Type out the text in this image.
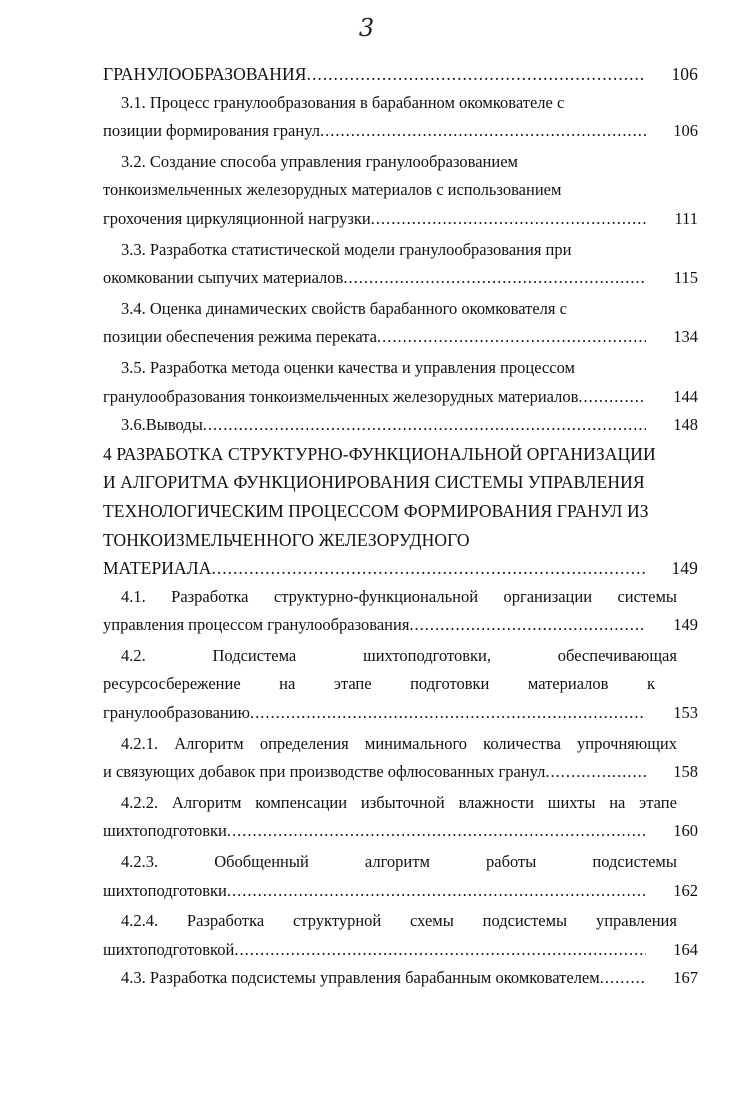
3
ГРАНУЛООБРАЗОВАНИЯ .....	106
3.1. Процесс гранулообразования в барабанном окомкователе с
позиции формирования гранул .....	106
3.2. Создание способа управления гранулообразованием
тонкоизмельченных железорудных материалов с использованием
грохочения циркуляционной нагрузки .....	111
3.3. Разработка статистической модели гранулообразования при
окомковании сыпучих материалов .....	115
3.4. Оценка динамических свойств барабанного окомкователя с
позиции обеспечения режима переката .....	134
3.5. Разработка метода оценки качества и управления процессом
гранулообразования тонкоизмельченных железорудных материалов .....	144
3.6.Выводы .....	148
4 РАЗРАБОТКА СТРУКТУРНО-ФУНКЦИОНАЛЬНОЙ ОРГАНИЗАЦИИ
И АЛГОРИТМА ФУНКЦИОНИРОВАНИЯ СИСТЕМЫ УПРАВЛЕНИЯ
ТЕХНОЛОГИЧЕСКИМ ПРОЦЕССОМ ФОРМИРОВАНИЯ ГРАНУЛ ИЗ
ТОНКОИЗМЕЛЬЧЕННОГО ЖЕЛЕЗОРУДНОГО
МАТЕРИАЛА .....	149
4.1. Разработка структурно-функциональной организации системы
управления процессом гранулообразования .....	149
4.2.	Подсистема	шихтоподготовки,	обеспечивающая
ресурсосбережение на этапе подготовки материалов к
гранулообразованию .....	153
4.2.1. Алгоритм определения минимального количества упрочняющих
и связующих добавок при производстве офлюсованных гранул .....	158
4.2.2. Алгоритм компенсации избыточной влажности шихты на этапе
шихтоподготовки .....	160
4.2.3.	Обобщенный	алгоритм	работы	подсистемы
шихтоподготовки .....	162
4.2.4. Разработка структурной схемы подсистемы управления
шихтоподготовкой .....	164
4.3. Разработка подсистемы управления барабанным окомкователем .....	167
